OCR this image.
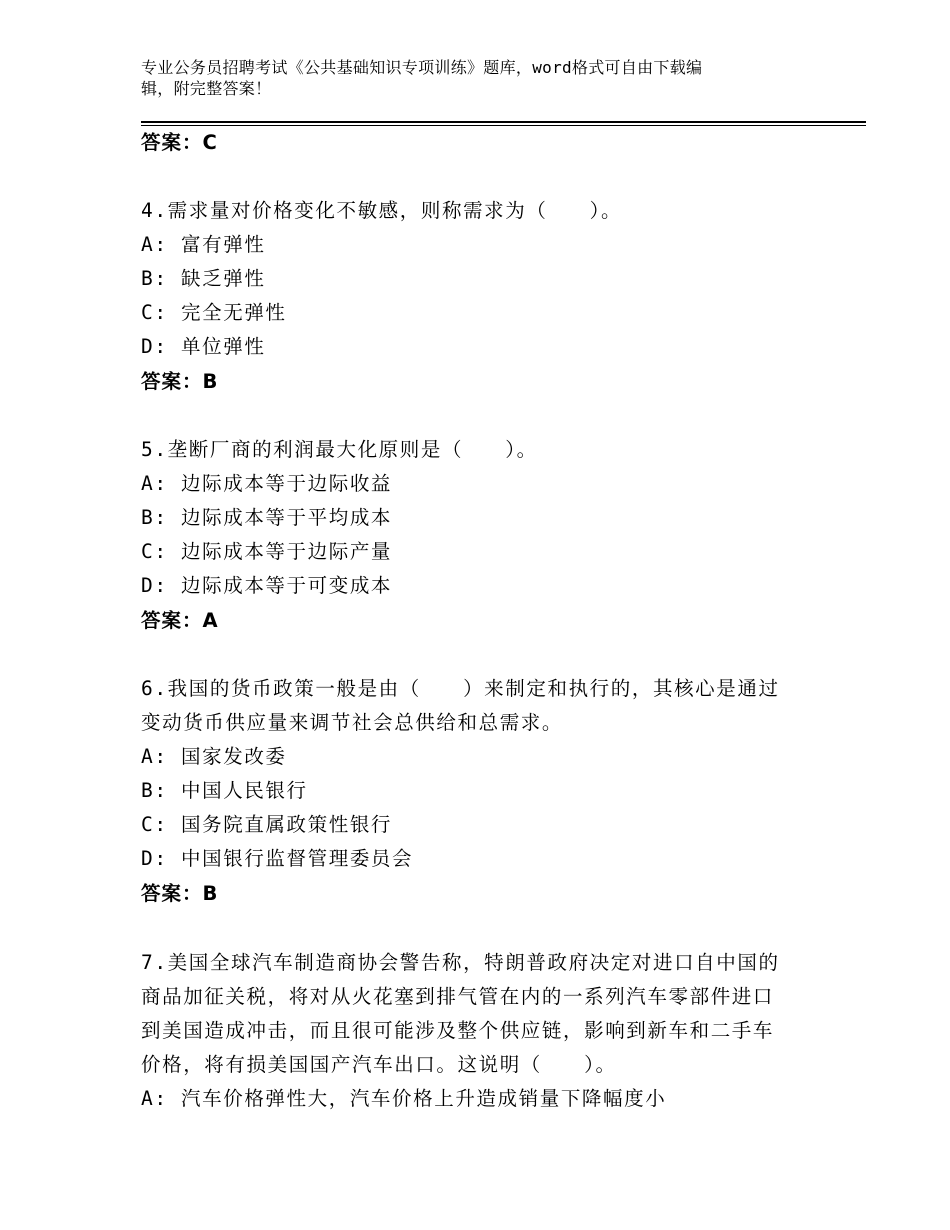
专业公务员招聘考试《公共基础知识专项训练》题库，word格式可自由下载编
辑，附完整答案！
答案：C
4.需求量对价格变化不敏感，则称需求为（　　）。
A: 富有弹性
B: 缺乏弹性
C: 完全无弹性
D: 单位弹性
答案：B
5.垄断厂商的利润最大化原则是（　　）。
A: 边际成本等于边际收益
B: 边际成本等于平均成本
C: 边际成本等于边际产量
D: 边际成本等于可变成本
答案：A
6.我国的货币政策一般是由（　　）来制定和执行的，其核心是通过
变动货币供应量来调节社会总供给和总需求。
A: 国家发改委
B: 中国人民银行
C: 国务院直属政策性银行
D: 中国银行监督管理委员会
答案：B
7.美国全球汽车制造商协会警告称，特朗普政府决定对进口自中国的
商品加征关税，将对从火花塞到排气管在内的一系列汽车零部件进口
到美国造成冲击，而且很可能涉及整个供应链，影响到新车和二手车
价格，将有损美国国产汽车出口。这说明（　　）。
A: 汽车价格弹性大，汽车价格上升造成销量下降幅度小
